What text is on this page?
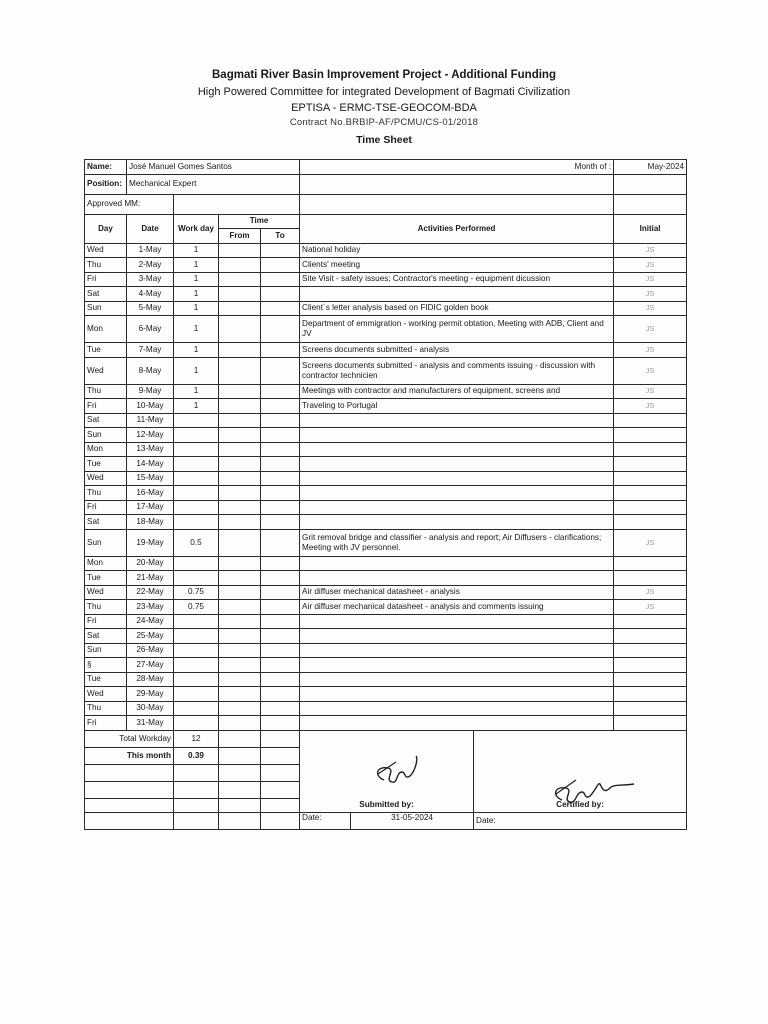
Bagmati River Basin Improvement Project - Additional Funding
High Powered Committee for integrated Development of Bagmati Civilization
EPTISA - ERMC-TSE-GEOCOM-BDA
Contract No.BRBIP-AF/PCMU/CS-01/2018
Time Sheet
Name:	José Manuel Gomes Santos				Month of :		May-2024
Position:	Mechanical Expert						
Approved MM:							
Day	Date	Work day	Time		Activities Performed		Initial
			From	To			
Wed	1-May	1			National holiday		JS
Thu	2-May	1			Clients' meeting		JS
Fri	3-May	1			Site Visit - safety issues; Contractor's meeting - equipment dicussion		JS
Sat	4-May	1					JS
Sun	5-May	1			Client´s letter analysis based on FIDIC golden book		JS
Mon	6-May	1			Department of emmigration - working permit obtation, Meeting with ADB, Client and JV		JS
Tue	7-May	1			Screens documents submitted - analysis		JS
Wed	8-May	1			Screens documents submitted - analysis and comments issuing - discussion with contractor technicien		JS
Thu	9-May	1			Meetings with contractor and manufacturers of equipment, screens and		JS
Fri	10-May	1			Traveling to Portugal		JS
Sat	11-May						
Sun	12-May						
Mon	13-May						
Tue	14-May						
Wed	15-May						
Thu	16-May						
Fri	17-May						
Sat	18-May						
Sun	19-May	0.5			Grit removal bridge and classifier - analysis and report; Air Diffusers - clarifications; Meeting with JV personnel.		JS
Mon	20-May						
Tue	21-May						
Wed	22-May	0.75			Air diffuser mechanical datasheet - analysis		JS
Thu	23-May	0.75			Air diffuser mechanical datasheet - analysis and comments issuing		JS
Fri	24-May						
Sat	25-May						
Sun	26-May						
§	27-May						
Tue	28-May						
Wed	29-May						
Thu	30-May						
Fri	31-May						
Total Workday		12					
This month		0.39					

					Submitted by:	Certified by:	

					Date: 31-05-2024	Date:	
